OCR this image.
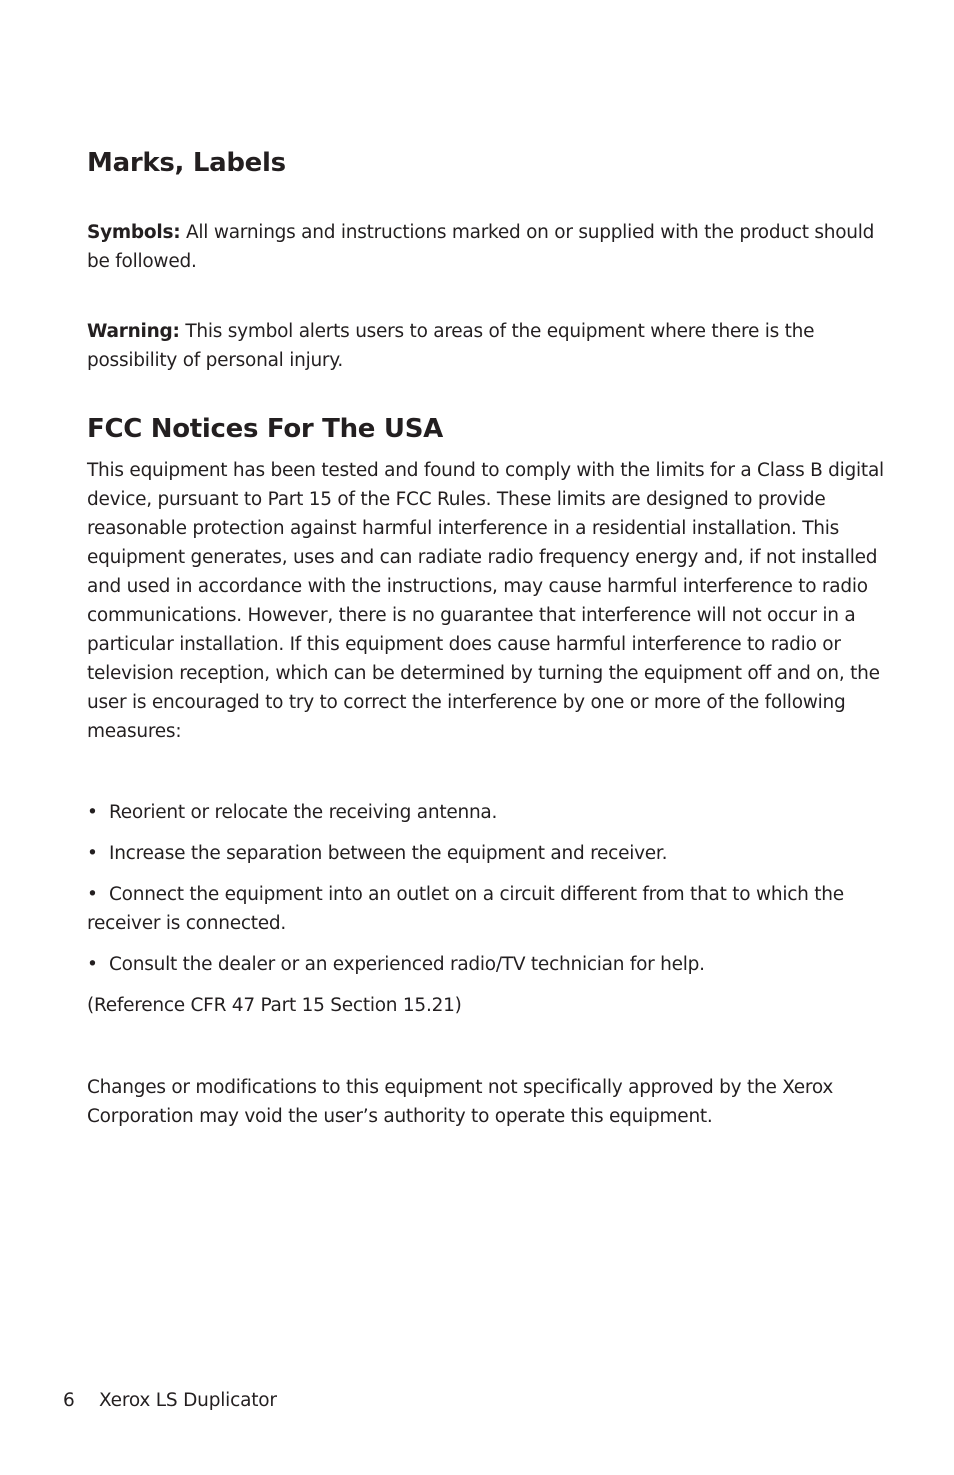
Marks, Labels

Symbols: All warnings and instructions marked on or supplied with the product should be followed.

Warning: This symbol alerts users to areas of the equipment where there is the possibility of personal injury.

FCC Notices For The USA

This equipment has been tested and found to comply with the limits for a Class B digital device, pursuant to Part 15 of the FCC Rules. These limits are designed to provide reasonable protection against harmful interference in a residential installation. This equipment generates, uses and can radiate radio frequency energy and, if not installed and used in accordance with the instructions, may cause harmful interference to radio communications. However, there is no guarantee that interference will not occur in a particular installation. If this equipment does cause harmful interference to radio or television reception, which can be determined by turning the equipment off and on, the user is encouraged to try to correct the interference by one or more of the following measures:

• Reorient or relocate the receiving antenna.

• Increase the separation between the equipment and receiver.

• Connect the equipment into an outlet on a circuit different from that to which the receiver is connected.

• Consult the dealer or an experienced radio/TV technician for help.

(Reference CFR 47 Part 15 Section 15.21)

Changes or modifications to this equipment not specifically approved by the Xerox Corporation may void the user’s authority to operate this equipment.

6 Xerox LS Duplicator
